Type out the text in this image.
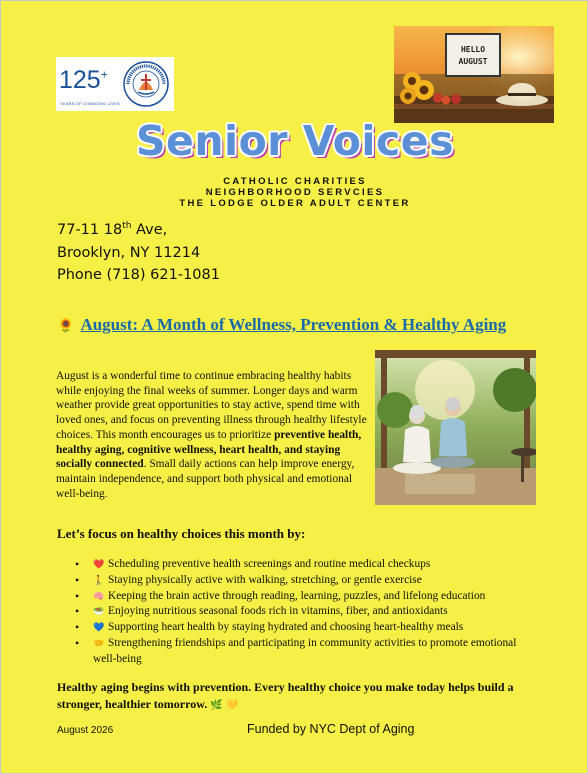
125+
YEARS OF CHANGING LIVES
HELLO
AUGUST
Senior Voices
CATHOLIC CHARITIES
NEIGHBORHOOD SERVCIES
THE LODGE OLDER ADULT CENTER
77-11 18th Ave,
Brooklyn, NY 11214
Phone (718) 621-1081
🌻 August: A Month of Wellness, Prevention & Healthy Aging
August is a wonderful time to continue embracing healthy habits while enjoying the final weeks of summer. Longer days and warm weather provide great opportunities to stay active, spend time with loved ones, and focus on preventing illness through healthy lifestyle choices. This month encourages us to prioritize preventive health, healthy aging, cognitive wellness, heart health, and staying socially connected. Small daily actions can help improve energy, maintain independence, and support both physical and emotional well-being.
Let’s focus on healthy choices this month by:
• ❤️ Scheduling preventive health screenings and routine medical checkups
• 🚶 Staying physically active with walking, stretching, or gentle exercise
• 🧠 Keeping the brain active through reading, learning, puzzles, and lifelong education
• 🥗 Enjoying nutritious seasonal foods rich in vitamins, fiber, and antioxidants
• 💙 Supporting heart health by staying hydrated and choosing heart-healthy meals
• 🤝 Strengthening friendships and participating in community activities to promote emotional well-being
Healthy aging begins with prevention. Every healthy choice you make today helps build a stronger, healthier tomorrow. 🌿 💛
August 2026	Funded by NYC Dept of Aging
